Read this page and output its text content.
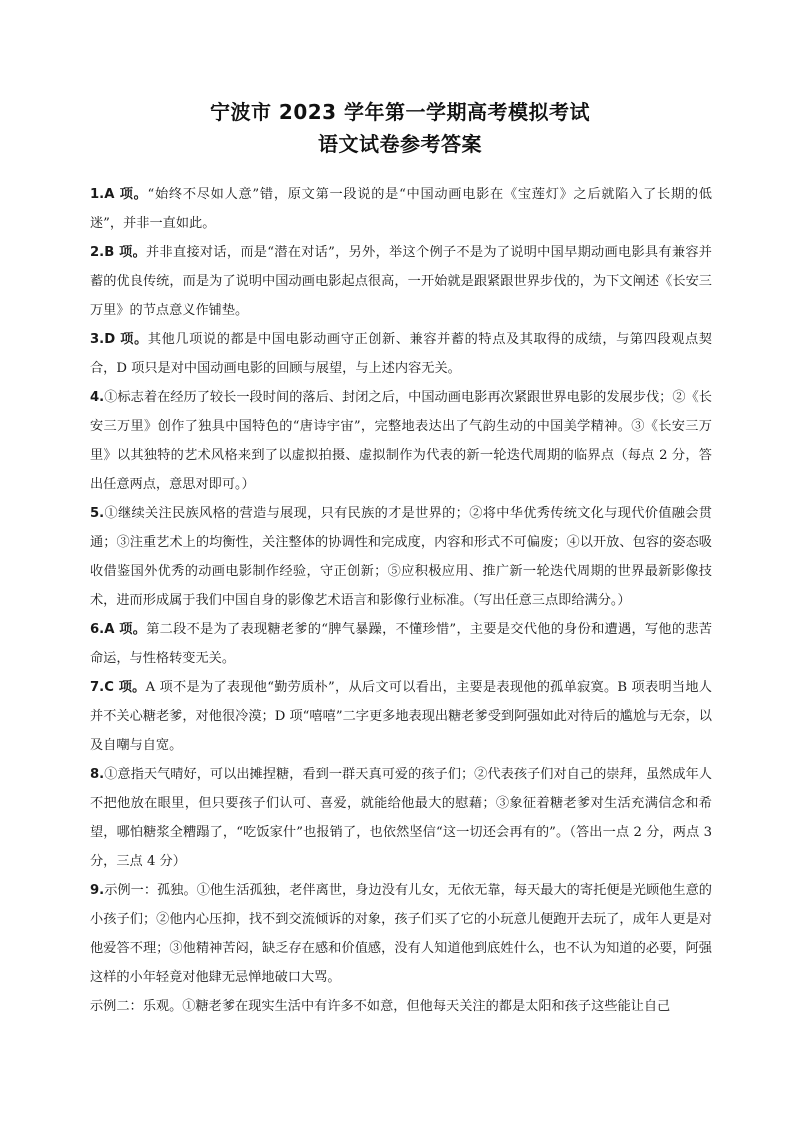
宁波市 2023 学年第一学期高考模拟考试
语文试卷参考答案

1.A 项。“始终不尽如人意”错，原文第一段说的是“中国动画电影在《宝莲灯》之后就陷入了长期的低迷”，并非一直如此。

2.B 项。并非直接对话，而是“潜在对话”，另外，举这个例子不是为了说明中国早期动画电影具有兼容并蓄的优良传统，而是为了说明中国动画电影起点很高，一开始就是跟紧跟世界步伐的，为下文阐述《长安三万里》的节点意义作铺垫。

3.D 项。其他几项说的都是中国电影动画守正创新、兼容并蓄的特点及其取得的成绩，与第四段观点契合，D 项只是对中国动画电影的回顾与展望，与上述内容无关。

4.①标志着在经历了较长一段时间的落后、封闭之后，中国动画电影再次紧跟世界电影的发展步伐；②《长安三万里》创作了独具中国特色的“唐诗宇宙”，完整地表达出了气韵生动的中国美学精神。③《长安三万里》以其独特的艺术风格来到了以虚拟拍摄、虚拟制作为代表的新一轮迭代周期的临界点（每点 2 分，答出任意两点，意思对即可。）

5.①继续关注民族风格的营造与展现，只有民族的才是世界的；②将中华优秀传统文化与现代价值融会贯通；③注重艺术上的均衡性，关注整体的协调性和完成度，内容和形式不可偏废；④以开放、包容的姿态吸收借鉴国外优秀的动画电影制作经验，守正创新；⑤应积极应用、推广新一轮迭代周期的世界最新影像技术，进而形成属于我们中国自身的影像艺术语言和影像行业标准。（写出任意三点即给满分。）

6.A 项。第二段不是为了表现糖老爹的“脾气暴躁，不懂珍惜”，主要是交代他的身份和遭遇，写他的悲苦命运，与性格转变无关。

7.C 项。A 项不是为了表现他“勤劳质朴”，从后文可以看出，主要是表现他的孤单寂寞。B 项表明当地人并不关心糖老爹，对他很冷漠；D 项“嘻嘻”二字更多地表现出糖老爹受到阿强如此对待后的尴尬与无奈，以及自嘲与自宽。

8.①意指天气晴好，可以出摊捏糖，看到一群天真可爱的孩子们；②代表孩子们对自己的崇拜，虽然成年人不把他放在眼里，但只要孩子们认可、喜爱，就能给他最大的慰藉；③象征着糖老爹对生活充满信念和希望，哪怕糖浆全糟蹋了，“吃饭家什”也报销了，也依然坚信“这一切还会再有的”。（答出一点 2 分，两点 3 分，三点 4 分）

9.示例一：孤独。①他生活孤独，老伴离世，身边没有儿女，无依无靠，每天最大的寄托便是光顾他生意的小孩子们；②他内心压抑，找不到交流倾诉的对象，孩子们买了它的小玩意儿便跑开去玩了，成年人更是对他爱答不理；③他精神苦闷，缺乏存在感和价值感，没有人知道他到底姓什么，也不认为知道的必要，阿强这样的小年轻竟对他肆无忌惮地破口大骂。

示例二：乐观。①糖老爹在现实生活中有许多不如意，但他每天关注的都是太阳和孩子这些能让自己
